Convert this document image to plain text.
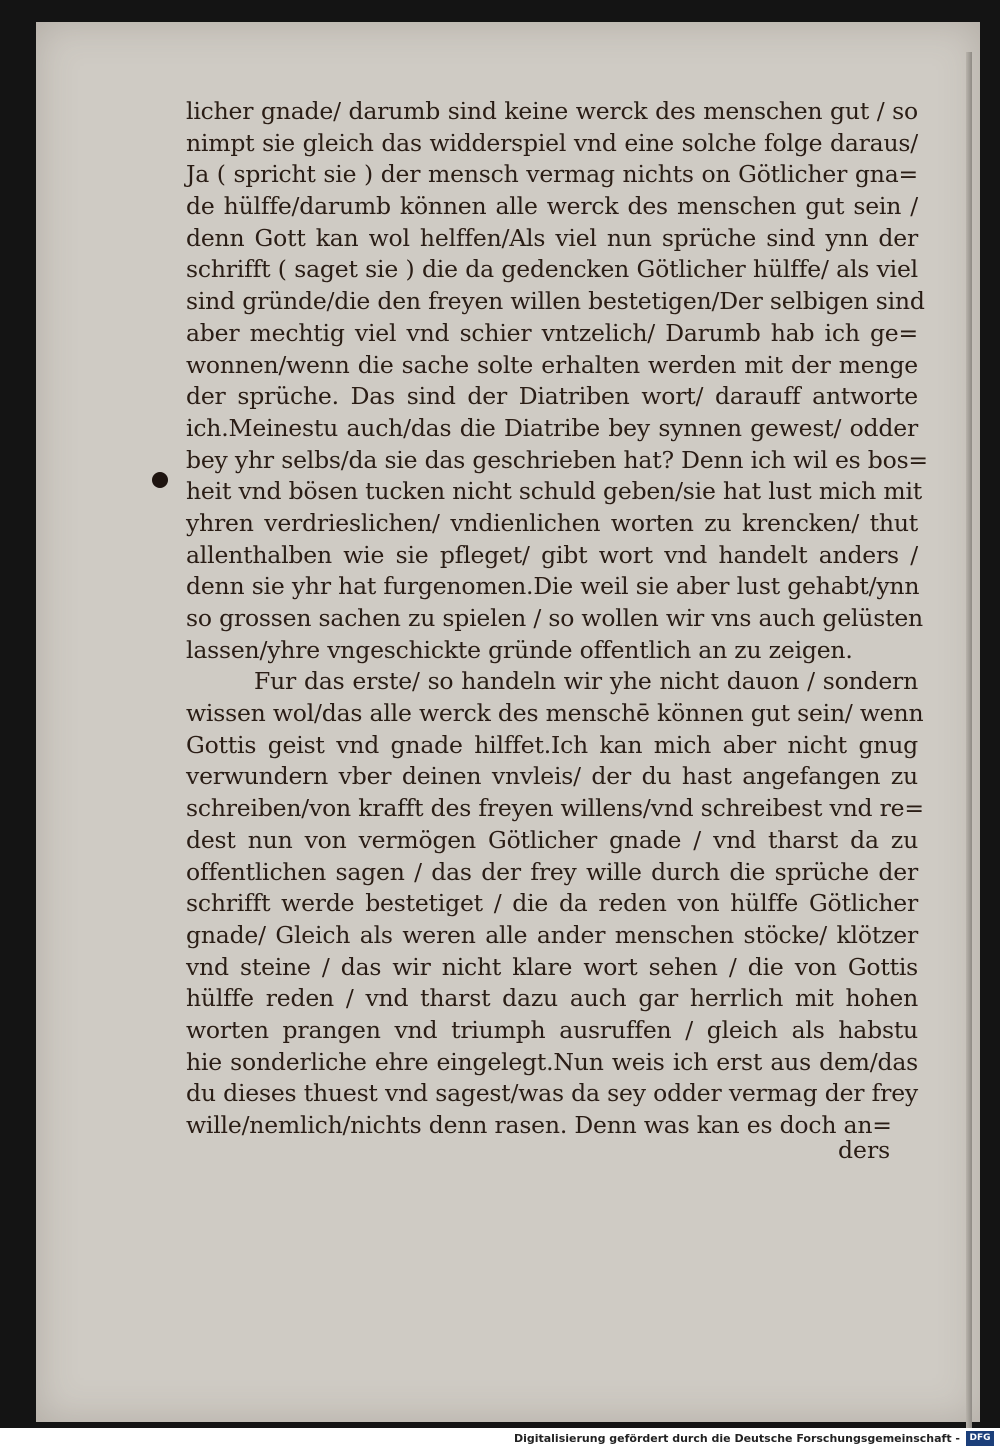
licher gnade/ darumb sind keine werck des menschen gut / so
nimpt sie gleich das widderspiel vnd eine solche folge daraus/
Ja ( spricht sie ) der mensch vermag nichts on Götlicher gna=
de hülffe/darumb können alle werck des menschen gut sein /
denn Gott kan wol helffen/Als viel nun sprüche sind ynn der
schrifft ( saget sie ) die da gedencken Götlicher hülffe/ als viel
sind gründe/die den freyen willen bestetigen/Der selbigen sind
aber mechtig viel vnd schier vntzelich/ Darumb hab ich ge=
wonnen/wenn die sache solte erhalten werden mit der menge
der sprüche. Das sind der Diatriben wort/ darauff antworte
ich.Meinestu auch/das die Diatribe bey synnen gewest/ odder
bey yhr selbs/da sie das geschrieben hat? Denn ich wil es bos=
heit vnd bösen tucken nicht schuld geben/sie hat lust mich mit
yhren verdrieslichen/ vndienlichen worten zu krencken/ thut
allenthalben wie sie pfleget/ gibt wort vnd handelt anders /
denn sie yhr hat furgenomen.Die weil sie aber lust gehabt/ynn
so grossen sachen zu spielen / so wollen wir vns auch gelüsten
lassen/yhre vngeschickte gründe offentlich an zu zeigen.
Fur das erste/ so handeln wir yhe nicht dauon / sondern
wissen wol/das alle werck des menschē können gut sein/ wenn
Gottis geist vnd gnade hilffet.Ich kan mich aber nicht gnug
verwundern vber deinen vnvleis/ der du hast angefangen zu
schreiben/von krafft des freyen willens/vnd schreibest vnd re=
dest nun von vermögen Götlicher gnade / vnd tharst da zu
offentlichen sagen / das der frey wille durch die sprüche der
schrifft werde bestetiget / die da reden von hülffe Götlicher
gnade/ Gleich als weren alle ander menschen stöcke/ klötzer
vnd steine / das wir nicht klare wort sehen / die von Gottis
hülffe reden / vnd tharst dazu auch gar herrlich mit hohen
worten prangen vnd triumph ausruffen / gleich als habstu
hie sonderliche ehre eingelegt.Nun weis ich erst aus dem/das
du dieses thuest vnd sagest/was da sey odder vermag der frey
wille/nemlich/nichts denn rasen. Denn was kan es doch an=
ders
Digitalisierung gefördert durch die Deutsche Forschungsgemeinschaft -	DFG
